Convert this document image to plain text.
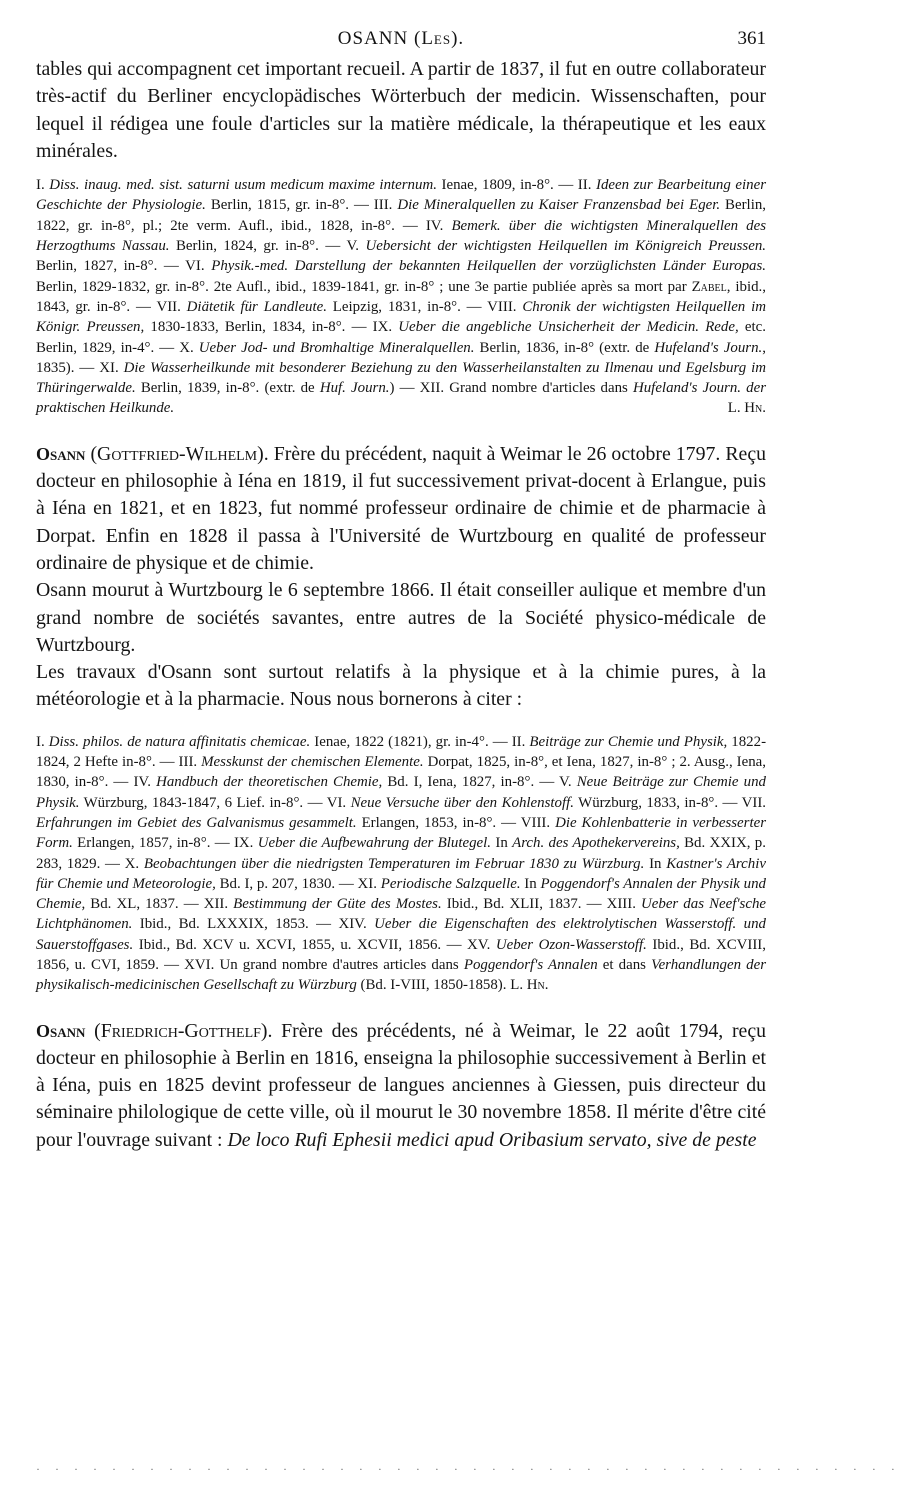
OSANN (Les).	361

tables qui accompagnent cet important recueil. A partir de 1837, il fut en outre collaborateur très-actif du Berliner encyclopädisches Wörterbuch der medicin. Wissenschaften, pour lequel il rédigea une foule d'articles sur la matière médicale, la thérapeutique et les eaux minérales.

I. Diss. inaug. med. sist. saturni usum medicum maxime internum. Ienae, 1809, in-8°. — II. Ideen zur Bearbeitung einer Geschichte der Physiologie. Berlin, 1815, gr. in-8°. — III. Die Mineralquellen zu Kaiser Franzensbad bei Eger. Berlin, 1822, gr. in-8°, pl.; 2te verm. Aufl., ibid., 1828, in-8°. — IV. Bemerk. über die wichtigsten Mineralquellen des Herzogthums Nassau. Berlin, 1824, gr. in-8°. — V. Uebersicht der wichtigsten Heilquellen im Königreich Preussen. Berlin, 1827, in-8°. — VI. Physik.-med. Darstellung der bekannten Heilquellen der vorzüglichsten Länder Europas. Berlin, 1829-1832, gr. in-8°. 2te Aufl., ibid., 1839-1841, gr. in-8° ; une 3e partie publiée après sa mort par Zabel, ibid., 1843, gr. in-8°. — VII. Diätetik für Landleute. Leipzig, 1831, in-8°. — VIII. Chronik der wichtigsten Heilquellen im Königr. Preussen, 1830-1833, Berlin, 1834, in-8°. — IX. Ueber die angebliche Unsicherheit der Medicin. Rede, etc. Berlin, 1829, in-4°. — X. Ueber Jod- und Bromhaltige Mineralquellen. Berlin, 1836, in-8° (extr. de Hufeland's Journ., 1835). — XI. Die Wasserheilkunde mit besonderer Beziehung zu den Wasserheilanstalten zu Ilmenau und Egelsburg im Thüringerwalde. Berlin, 1839, in-8°. (extr. de Huf. Journ.) — XII. Grand nombre d'articles dans Hufeland's Journ. der praktischen Heilkunde.	L. Hn.

Osann (Gottfried-Wilhelm). Frère du précédent, naquit à Weimar le 26 octobre 1797. Reçu docteur en philosophie à Iéna en 1819, il fut successivement privat-docent à Erlangue, puis à Iéna en 1821, et en 1823, fut nommé professeur ordinaire de chimie et de pharmacie à Dorpat. Enfin en 1828 il passa à l'Université de Wurtzbourg en qualité de professeur ordinaire de physique et de chimie.

Osann mourut à Wurtzbourg le 6 septembre 1866. Il était conseiller aulique et membre d'un grand nombre de sociétés savantes, entre autres de la Société physico-médicale de Wurtzbourg.

Les travaux d'Osann sont surtout relatifs à la physique et à la chimie pures, à la météorologie et à la pharmacie. Nous nous bornerons à citer :

I. Diss. philos. de natura affinitatis chemicae. Ienae, 1822 (1821), gr. in-4°. — II. Beiträge zur Chemie und Physik, 1822-1824, 2 Hefte in-8°. — III. Messkunst der chemischen Elemente. Dorpat, 1825, in-8°, et Iena, 1827, in-8° ; 2. Ausg., Iena, 1830, in-8°. — IV. Handbuch der theoretischen Chemie, Bd. I, Iena, 1827, in-8°. — V. Neue Beiträge zur Chemie und Physik. Würzburg, 1843-1847, 6 Lief. in-8°. — VI. Neue Versuche über den Kohlenstoff. Würzburg, 1833, in-8°. — VII. Erfahrungen im Gebiet des Galvanismus gesammelt. Erlangen, 1853, in-8°. — VIII. Die Kohlenbatterie in verbesserter Form. Erlangen, 1857, in-8°. — IX. Ueber die Aufbewahrung der Blutegel. In Arch. des Apothekervereins, Bd. XXIX, p. 283, 1829. — X. Beobachtungen über die niedrigsten Temperaturen im Februar 1830 zu Würzburg. In Kastner's Archiv für Chemie und Meteorologie, Bd. I, p. 207, 1830. — XI. Periodische Salzquelle. In Poggendorf's Annalen der Physik und Chemie, Bd. XL, 1837. — XII. Bestimmung der Güte des Mostes. Ibid., Bd. XLII, 1837. — XIII. Ueber das Neef'sche Lichtphänomen. Ibid., Bd. LXXXIX, 1853. — XIV. Ueber die Eigenschaften des elektrolytischen Wasserstoff. und Sauerstoffgases. Ibid., Bd. XCV u. XCVI, 1855, u. XCVII, 1856. — XV. Ueber Ozon-Wasserstoff. Ibid., Bd. XCVIII, 1856, u. CVI, 1859. — XVI. Un grand nombre d'autres articles dans Poggendorf's Annalen et dans Verhandlungen der physikalisch-medicinischen Gesellschaft zu Würzburg (Bd. I-VIII, 1850-1858). L. Hn.

Osann (Friedrich-Gotthelf). Frère des précédents, né à Weimar, le 22 août 1794, reçu docteur en philosophie à Berlin en 1816, enseigna la philosophie successivement à Berlin et à Iéna, puis en 1825 devint professeur de langues anciennes à Giessen, puis directeur du séminaire philologique de cette ville, où il mourut le 30 novembre 1858. Il mérite d'être cité pour l'ouvrage suivant : De loco Rufi Ephesii medici apud Oribasium servato, sive de peste

· · · · · · · · · · · · · · · · · · · · · · · · · · · · · · · · · · · · · · · · · · · · · ·
